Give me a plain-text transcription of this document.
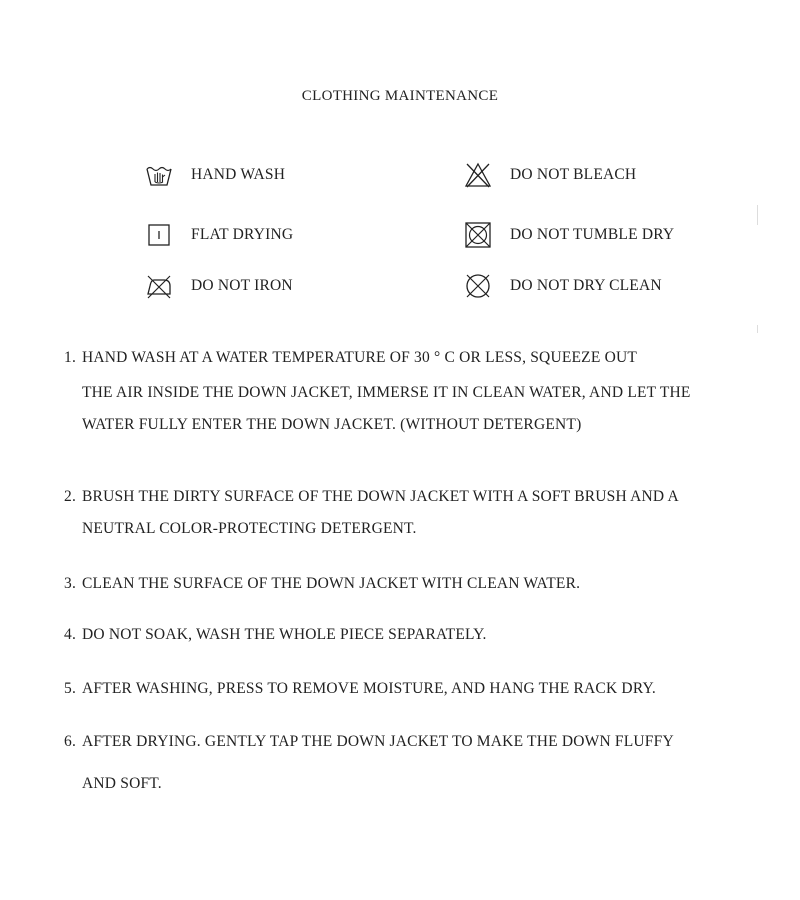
CLOTHING MAINTENANCE
HAND WASH	DO NOT BLEACH
FLAT DRYING	DO NOT TUMBLE DRY
DO NOT IRON	DO NOT DRY CLEAN
1. HAND WASH AT A WATER TEMPERATURE OF 30 ° C OR LESS, SQUEEZE OUT
THE AIR INSIDE THE DOWN JACKET, IMMERSE IT IN CLEAN WATER, AND LET THE
WATER FULLY ENTER THE DOWN JACKET. (WITHOUT DETERGENT)
2. BRUSH THE DIRTY SURFACE OF THE DOWN JACKET WITH A SOFT BRUSH AND A
NEUTRAL COLOR-PROTECTING DETERGENT.
3. CLEAN THE SURFACE OF THE DOWN JACKET WITH CLEAN WATER.
4. DO NOT SOAK, WASH THE WHOLE PIECE SEPARATELY.
5. AFTER WASHING, PRESS TO REMOVE MOISTURE, AND HANG THE RACK DRY.
6. AFTER DRYING. GENTLY TAP THE DOWN JACKET TO MAKE THE DOWN FLUFFY
AND SOFT.
